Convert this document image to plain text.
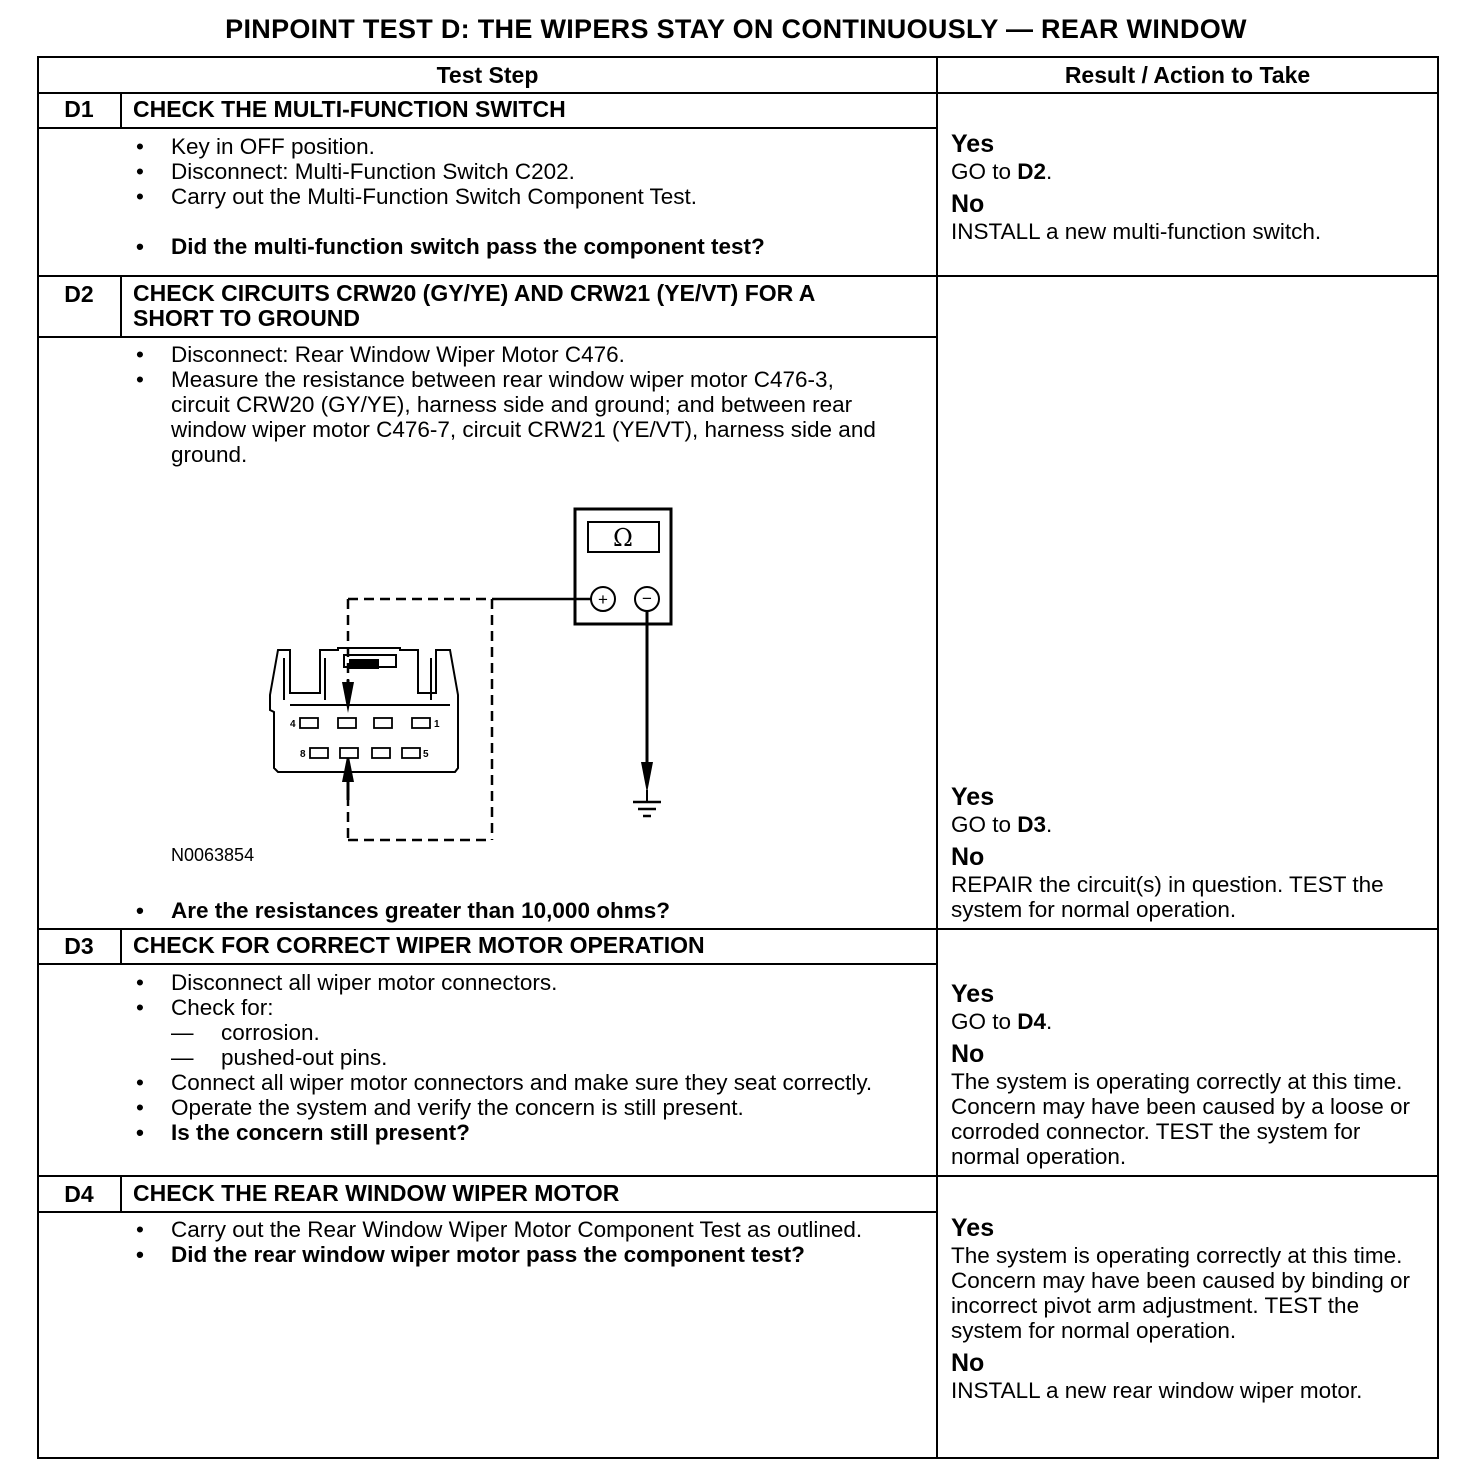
PINPOINT TEST D: THE WIPERS STAY ON CONTINUOUSLY — REAR WINDOW
Test Step	Result / Action to Take
D1	CHECK THE MULTI-FUNCTION SWITCH
• Key in OFF position.
• Disconnect: Multi-Function Switch C202.
• Carry out the Multi-Function Switch Component Test.
• Did the multi-function switch pass the component test?
Yes
GO to D2.
No
INSTALL a new multi-function switch.
D2	CHECK CIRCUITS CRW20 (GY/YE) AND CRW21 (YE/VT) FOR A
SHORT TO GROUND
• Disconnect: Rear Window Wiper Motor C476.
• Measure the resistance between rear window wiper motor C476-3, circuit CRW20 (GY/YE), harness side and ground; and between rear window wiper motor C476-7, circuit CRW21 (YE/VT), harness side and ground.
Ω
+ −
4	1
8	5
N0063854
• Are the resistances greater than 10,000 ohms?
Yes
GO to D3.
No
REPAIR the circuit(s) in question. TEST the system for normal operation.
D3	CHECK FOR CORRECT WIPER MOTOR OPERATION
• Disconnect all wiper motor connectors.
• Check for:
— corrosion.
— pushed-out pins.
• Connect all wiper motor connectors and make sure they seat correctly.
• Operate the system and verify the concern is still present.
• Is the concern still present?
Yes
GO to D4.
No
The system is operating correctly at this time. Concern may have been caused by a loose or corroded connector. TEST the system for normal operation.
D4	CHECK THE REAR WINDOW WIPER MOTOR
• Carry out the Rear Window Wiper Motor Component Test as outlined.
• Did the rear window wiper motor pass the component test?
Yes
The system is operating correctly at this time. Concern may have been caused by binding or incorrect pivot arm adjustment. TEST the system for normal operation.
No
INSTALL a new rear window wiper motor.
